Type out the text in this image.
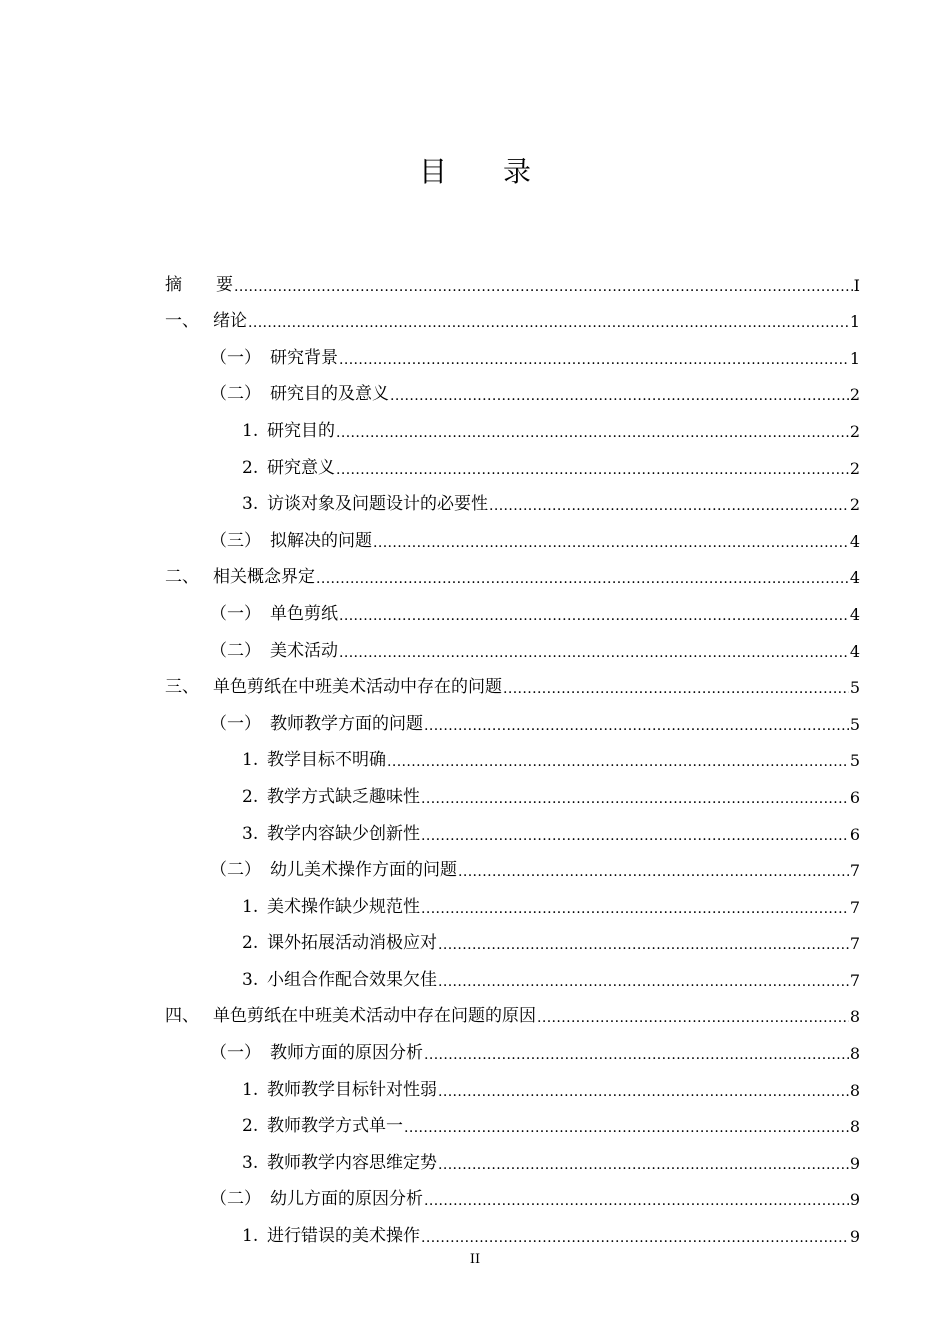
目　　录
摘　　要 .....	I
一、 绪论 .....	1
（一） 研究背景 .....	1
（二） 研究目的及意义 .....	2
1. 研究目的 .....	2
2. 研究意义 .....	2
3. 访谈对象及问题设计的必要性 .....	2
（三） 拟解决的问题 .....	4
二、 相关概念界定 .....	4
（一） 单色剪纸 .....	4
（二） 美术活动 .....	4
三、 单色剪纸在中班美术活动中存在的问题 .....	5
（一） 教师教学方面的问题 .....	5
1. 教学目标不明确 .....	5
2. 教学方式缺乏趣味性 .....	6
3. 教学内容缺少创新性 .....	6
（二） 幼儿美术操作方面的问题 .....	7
1. 美术操作缺少规范性 .....	7
2. 课外拓展活动消极应对 .....	7
3. 小组合作配合效果欠佳 .....	7
四、 单色剪纸在中班美术活动中存在问题的原因 .....	8
（一） 教师方面的原因分析 .....	8
1. 教师教学目标针对性弱 .....	8
2. 教师教学方式单一 .....	8
3. 教师教学内容思维定势 .....	9
（二） 幼儿方面的原因分析 .....	9
1. 进行错误的美术操作 .....	9
II
